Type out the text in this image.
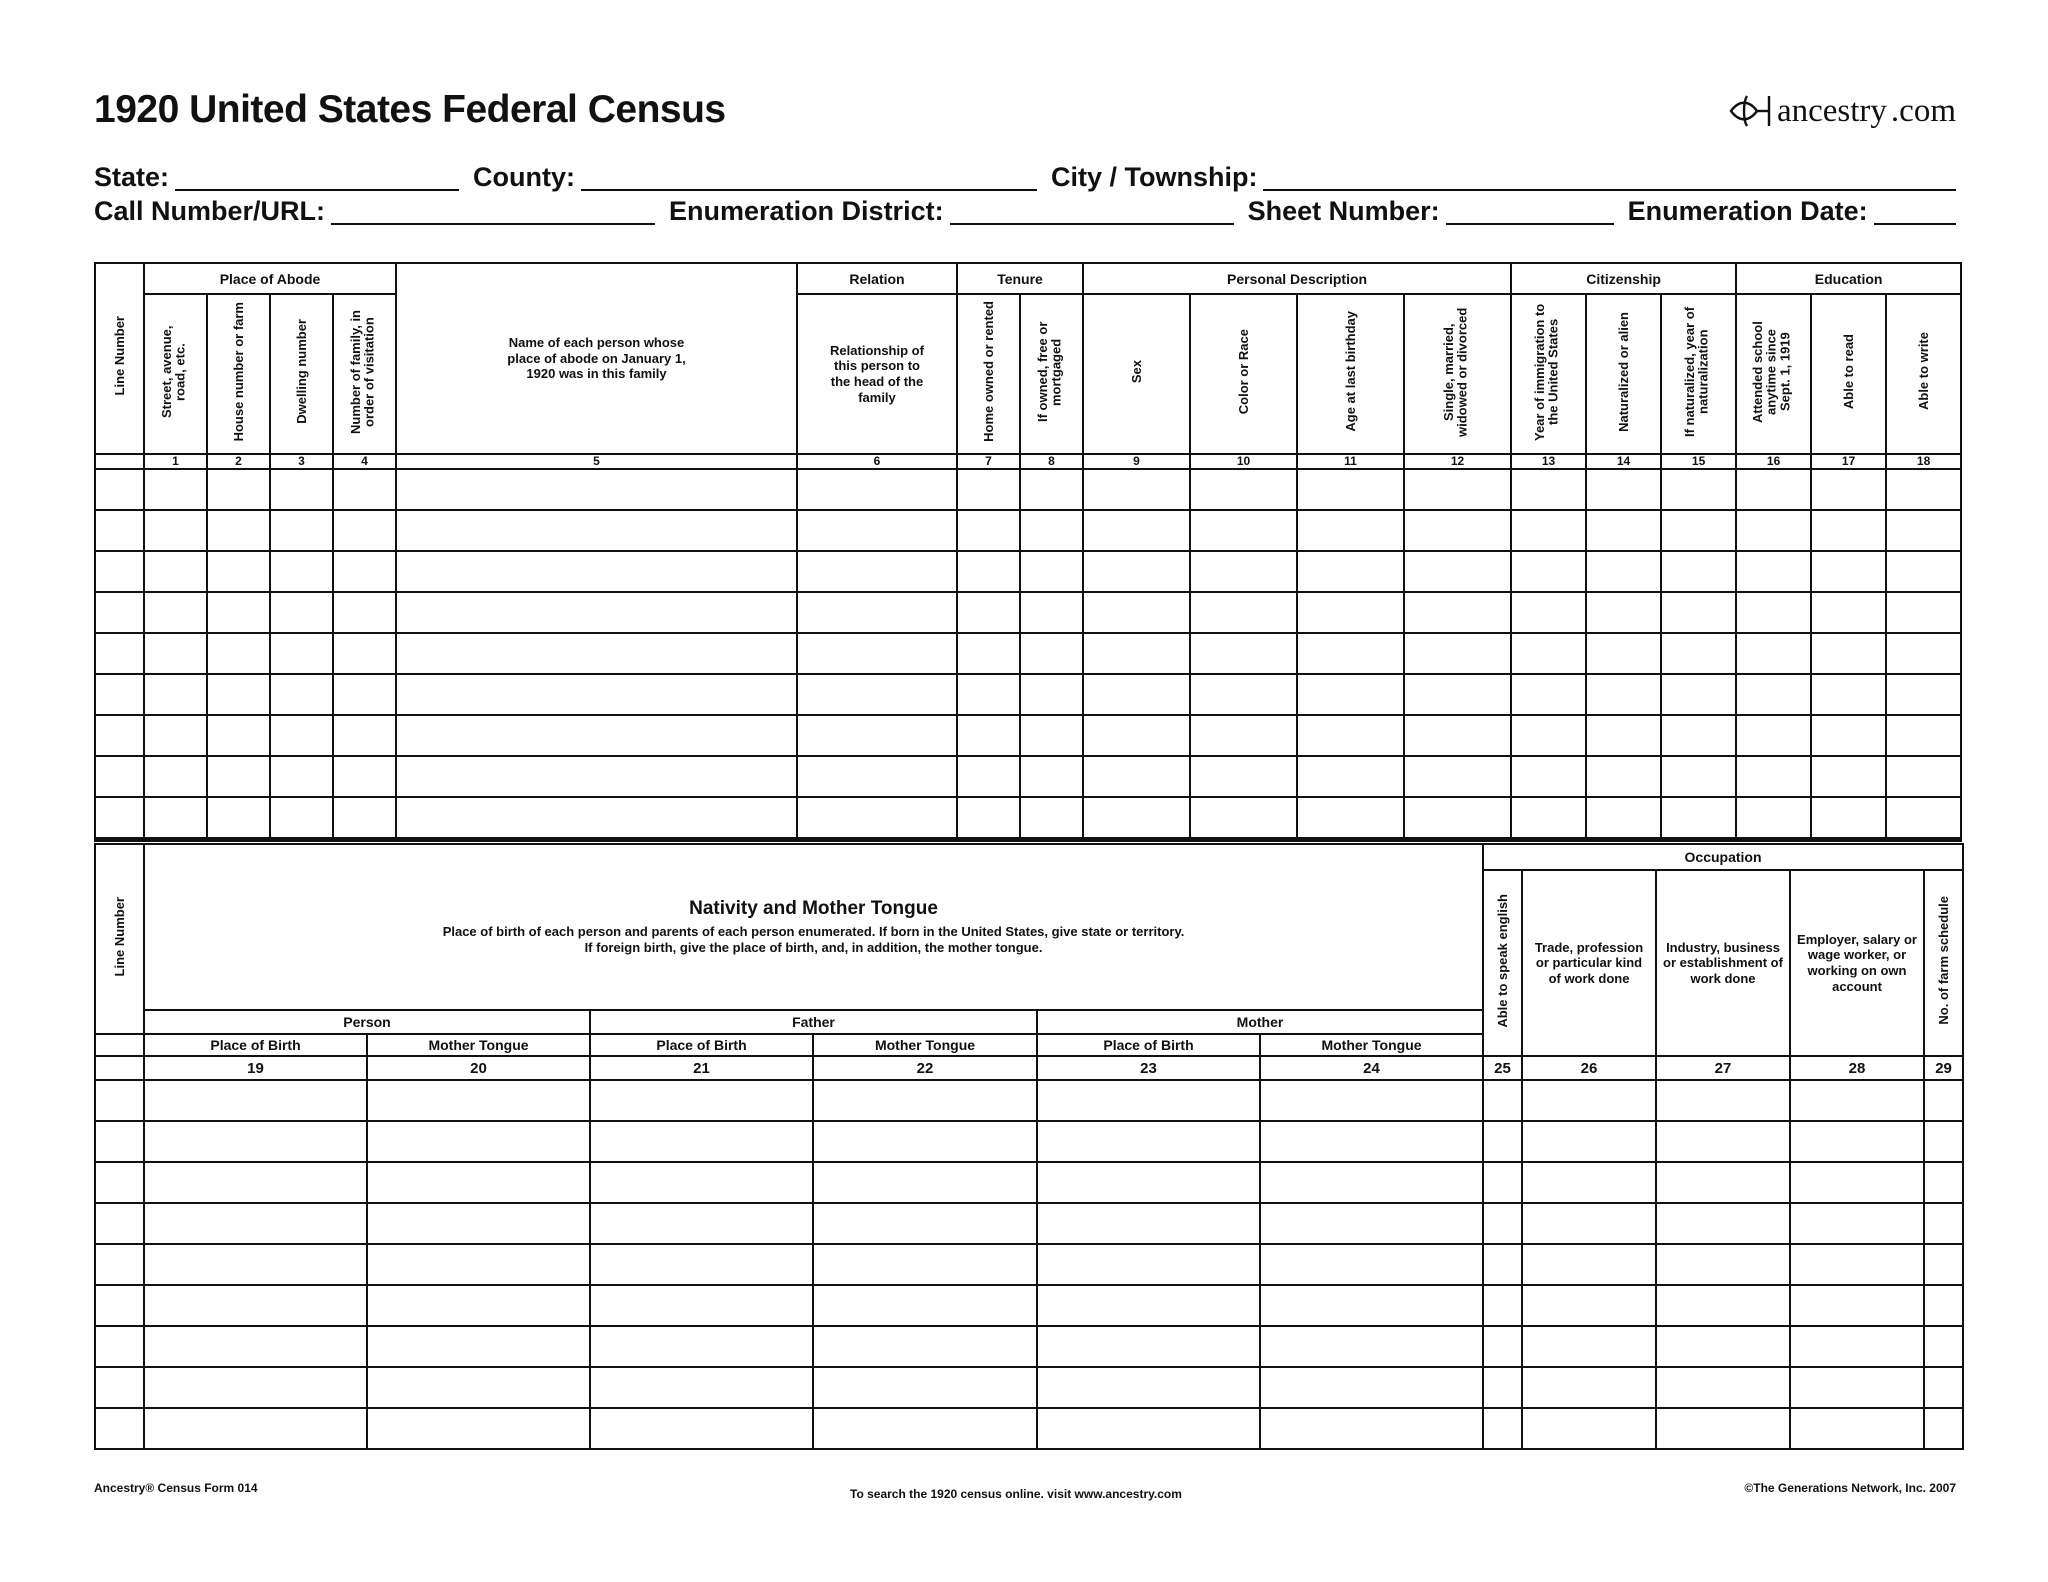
1920 United States Federal Census	ancestry .com
State:	County:	City / Township:
Call Number/URL:	Enumeration District:	Sheet Number:	Enumeration Date:
Line Number	Place of Abode				Name of each person whose place of abode on January 1, 1920 was in this family	Relation	Tenure		Personal Description				Citizenship			Education		
	Street, avenue, road, etc.	House number or farm	Dwelling number	Number of family, in order of visitation		Relationship of this person to the head of the family	Home owned or rented	If owned, free or mortgaged	Sex	Color or Race	Age at last birthday	Single, married, widowed or divorced	Year of immigration to the United States	Naturalized or alien	If naturalized, year of naturalization	Attended school anytime since Sept. 1, 1919	Able to read	Able to write
	1	2	3	4	5	6	7	8	9	10	11	12	13	14	15	16	17	18

Line Number	Nativity and Mother Tongue
Place of birth of each person and parents of each person enumerated. If born in the United States, give state or territory.
If foreign birth, give the place of birth, and, in addition, the mother tongue.						Occupation				
							Able to speak english	Trade, profession or particular kind of work done	Industry, business or establishment of work done	Employer, salary or wage worker, or working on own account	No. of farm schedule
	Person		Father		Mother						
	Place of Birth	Mother Tongue	Place of Birth	Mother Tongue	Place of Birth	Mother Tongue					
	19	20	21	22	23	24	25	26	27	28	29

Ancestry® Census Form 014	To search the 1920 census online. visit www.ancestry.com	©The Generations Network, Inc. 2007
